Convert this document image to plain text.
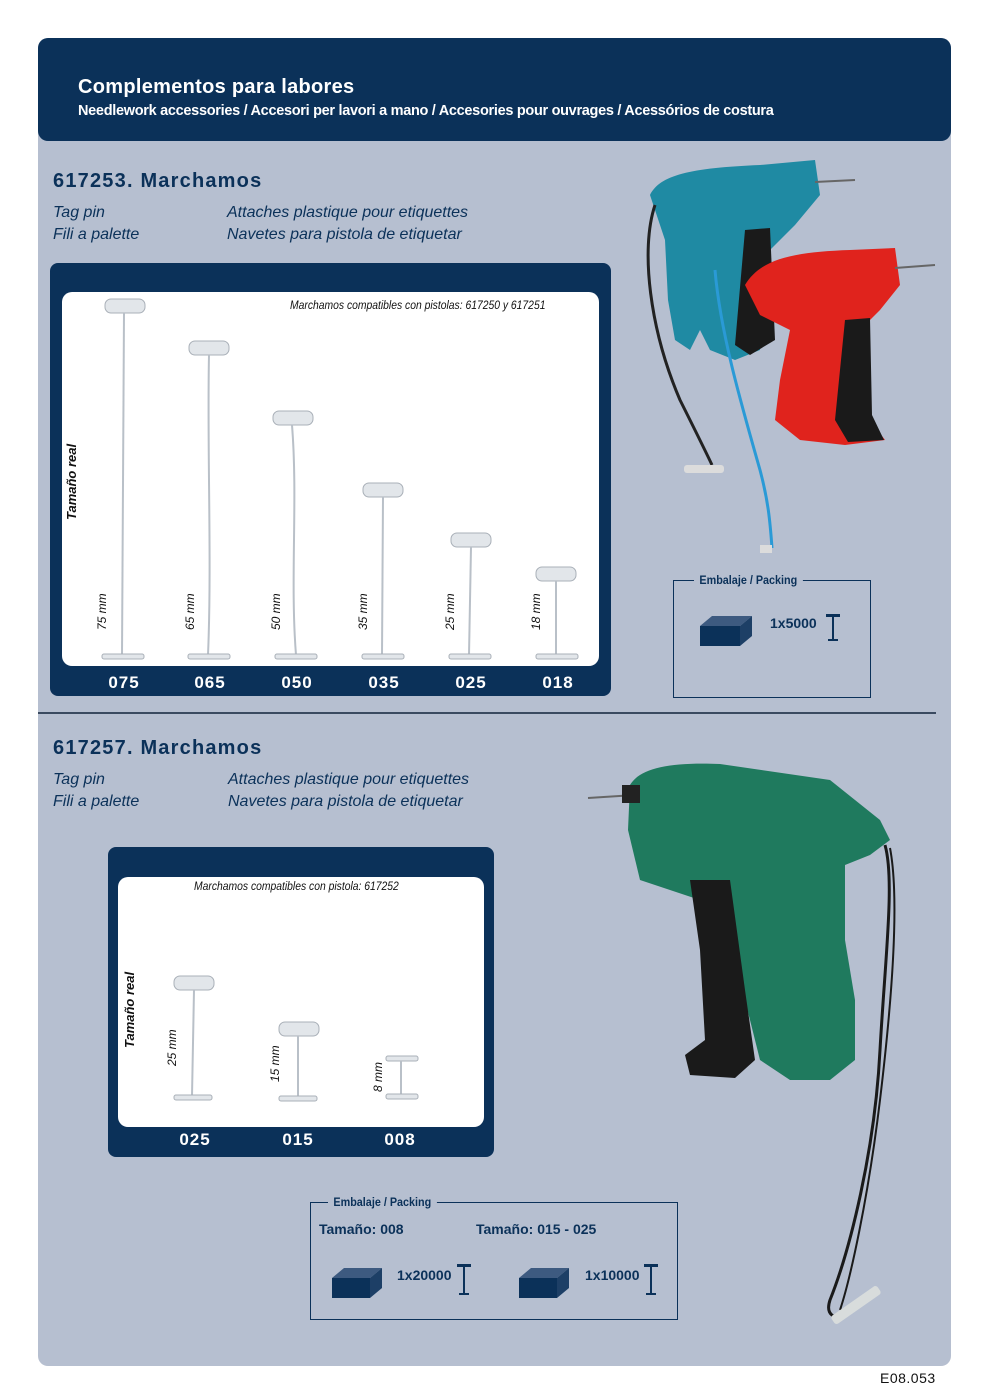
Complementos para labores
Needlework accessories / Accesori per lavori a mano / Accesories pour ouvrages / Acessórios de costura
617253. Marchamos
Tag pin
Fili a palette
Attaches plastique pour etiquettes
Navetes para pistola de etiquetar
Marchamos compatibles con pistolas: 617250 y 617251
Tamaño real
75 mm	65 mm	50 mm	35 mm	25 mm	18 mm
075	065	050	035	025	018
Embalaje / Packing
1x5000
617257. Marchamos
Tag pin
Fili a palette
Attaches plastique pour etiquettes
Navetes para pistola de etiquetar
Marchamos compatibles con pistola: 617252
Tamaño real 25 mm	15 mm	8 mm
025	015	008
Embalaje / Packing
Tamaño: 008	Tamaño: 015 - 025
1x20000	1x10000
E08.053
